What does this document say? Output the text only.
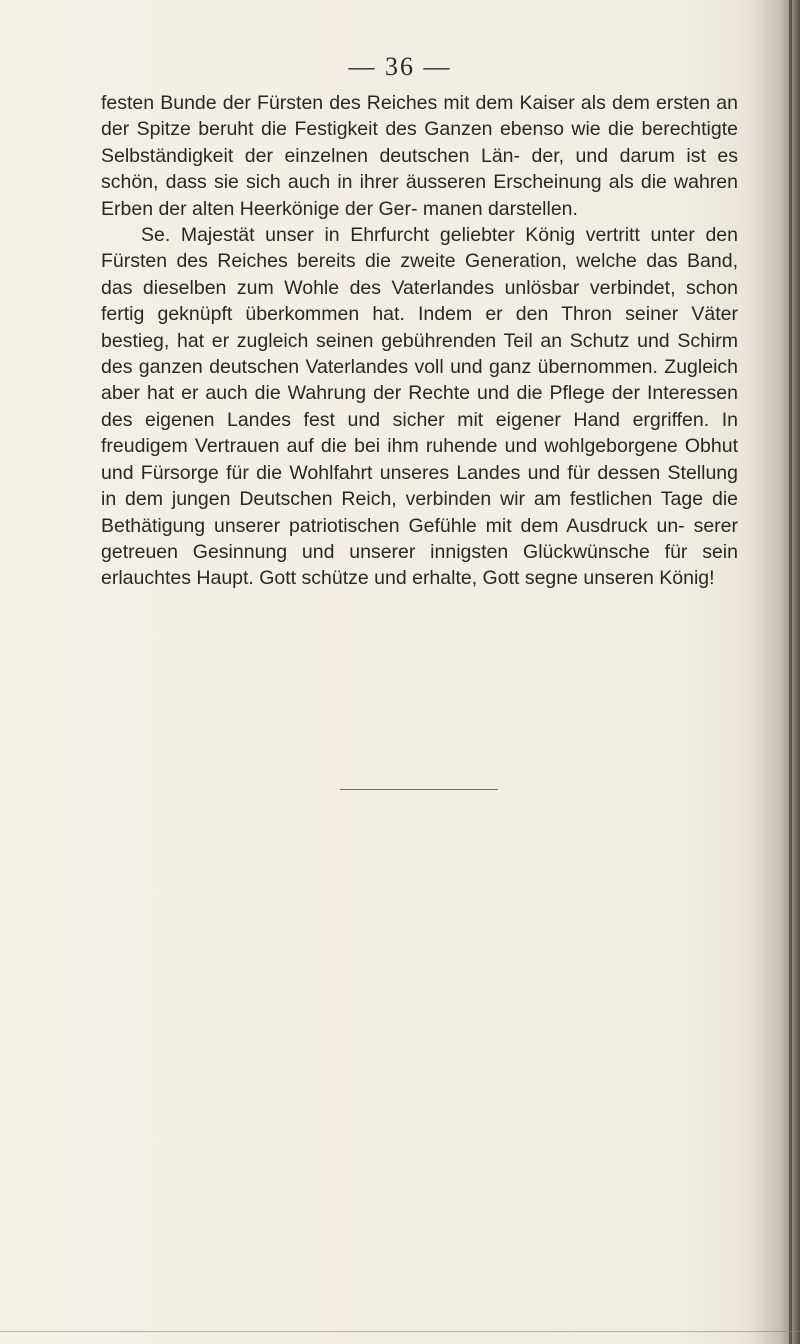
— 36 —

festen Bunde der Fürsten des Reiches mit dem Kaiser als dem ersten an der Spitze beruht die Festigkeit des Ganzen ebenso wie die berechtigte Selbständigkeit der einzelnen deutschen Län- der, und darum ist es schön, dass sie sich auch in ihrer äusseren Erscheinung als die wahren Erben der alten Heerkönige der Ger- manen darstellen.

Se. Majestät unser in Ehrfurcht geliebter König vertritt unter den Fürsten des Reiches bereits die zweite Generation, welche das Band, das dieselben zum Wohle des Vaterlandes unlösbar verbindet, schon fertig geknüpft überkommen hat. Indem er den Thron seiner Väter bestieg, hat er zugleich seinen gebührenden Teil an Schutz und Schirm des ganzen deutschen Vaterlandes voll und ganz übernommen. Zugleich aber hat er auch die Wahrung der Rechte und die Pflege der Interessen des eigenen Landes fest und sicher mit eigener Hand ergriffen. In freudigem Vertrauen auf die bei ihm ruhende und wohlgeborgene Obhut und Fürsorge für die Wohlfahrt unseres Landes und für dessen Stellung in dem jungen Deutschen Reich, verbinden wir am festlichen Tage die Bethätigung unserer patriotischen Gefühle mit dem Ausdruck un- serer getreuen Gesinnung und unserer innigsten Glückwünsche für sein erlauchtes Haupt. Gott schütze und erhalte, Gott segne unseren König!
